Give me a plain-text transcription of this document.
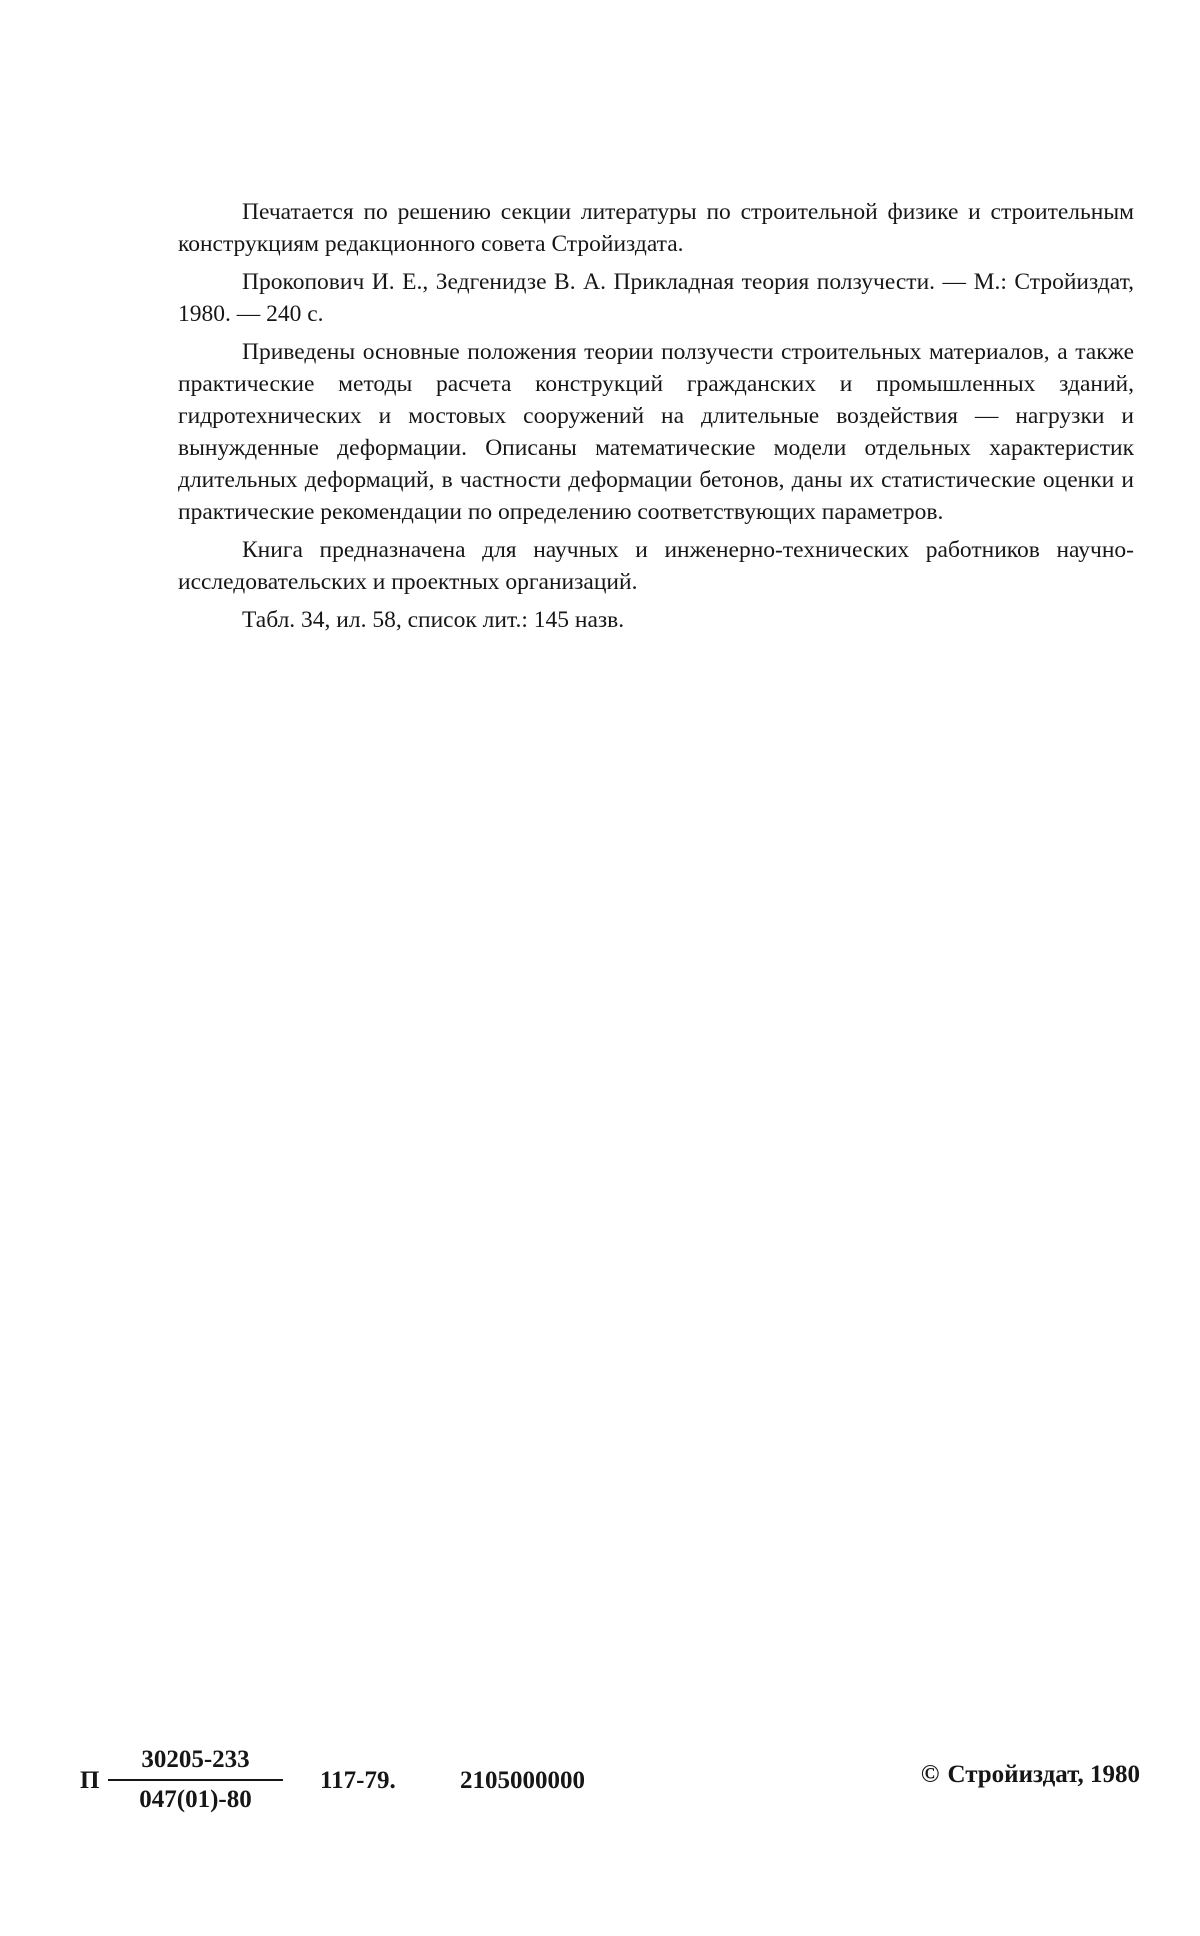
Печатается по решению секции литературы по строительной физике и строительным конструкциям редакционного совета Стройиздата.

Прокопович И. Е., Зедгенидзе В. А. Прикладная теория ползучести. — М.: Стройиздат, 1980. — 240 с.

Приведены основные положения теории ползучести строительных материалов, а также практические методы расчета конструкций гражданских и промышленных зданий, гидротехнических и мостовых сооружений на длительные воздействия — нагрузки и вынужденные деформации. Описаны математические модели отдельных характеристик длительных деформаций, в частности деформации бетонов, даны их статистические оценки и практические рекомендации по определению соответствующих параметров.

Книга предназначена для научных и инженерно-технических работников научно-исследовательских и проектных организаций.

Табл. 34, ил. 58, список лит.: 145 назв.

П
30205-233
047(01)-80
117-79.	2105000000	© Стройиздат, 1980
